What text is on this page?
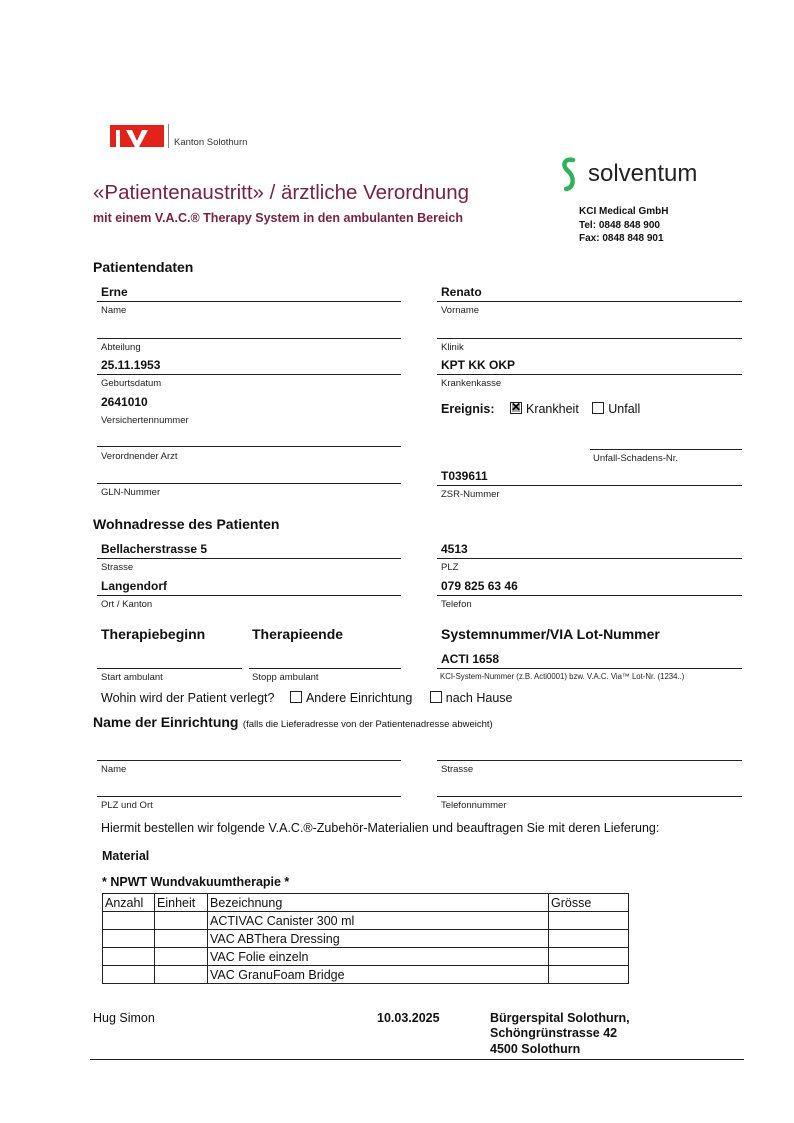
Kanton Solothurn
«Patientenaustritt» / ärztliche Verordnung
mit einem V.A.C.® Therapy System in den ambulanten Bereich
solventum
KCI Medical GmbH
Tel: 0848 848 900
Fax: 0848 848 901
Patientendaten
Erne
Name
Renato
Vorname
Abteilung	Klinik
25.11.1953
Geburtsdatum
KPT KK OKP
Krankenkasse
2641010
Versichertennummer
Ereignis: ✕	Krankheit Unfall
Verordnender Arzt	Unfall-Schadens-Nr.
GLN-Nummer
T039611
ZSR-Nummer
Wohnadresse des Patienten
Bellacherstrasse 5
Strasse
4513
PLZ
Langendorf
Ort / Kanton
079 825 63 46
Telefon
Therapiebeginn	Therapieende	Systemnummer/VIA Lot-Nummer
Start ambulant	Stopp ambulant
ACTI 1658
KCI-System-Nummer (z.B. Acti0001) bzw. V.A.C. Via™ Lot-Nr. (1234..)
Wohin wird der Patient verlegt?	Andere Einrichtung	nach Hause
Name der Einrichtung (falls die Lieferadresse von der Patientenadresse abweicht)
Name	Strasse
PLZ und Ort	Telefonnummer
Hiermit bestellen wir folgende V.A.C.®-Zubehör-Materialien und beauftragen Sie mit deren Lieferung:
Material
* NPWT Wundvakuumtherapie *
Anzahl	Einheit	Bezeichnung	Grösse
		ACTIVAC Canister 300 ml	
		VAC ABThera Dressing	
		VAC Folie einzeln	
		VAC GranuFoam Bridge	
Hug Simon	10.03.2025	Bürgerspital Solothurn,
Schöngrünstrasse 42
4500 Solothurn
